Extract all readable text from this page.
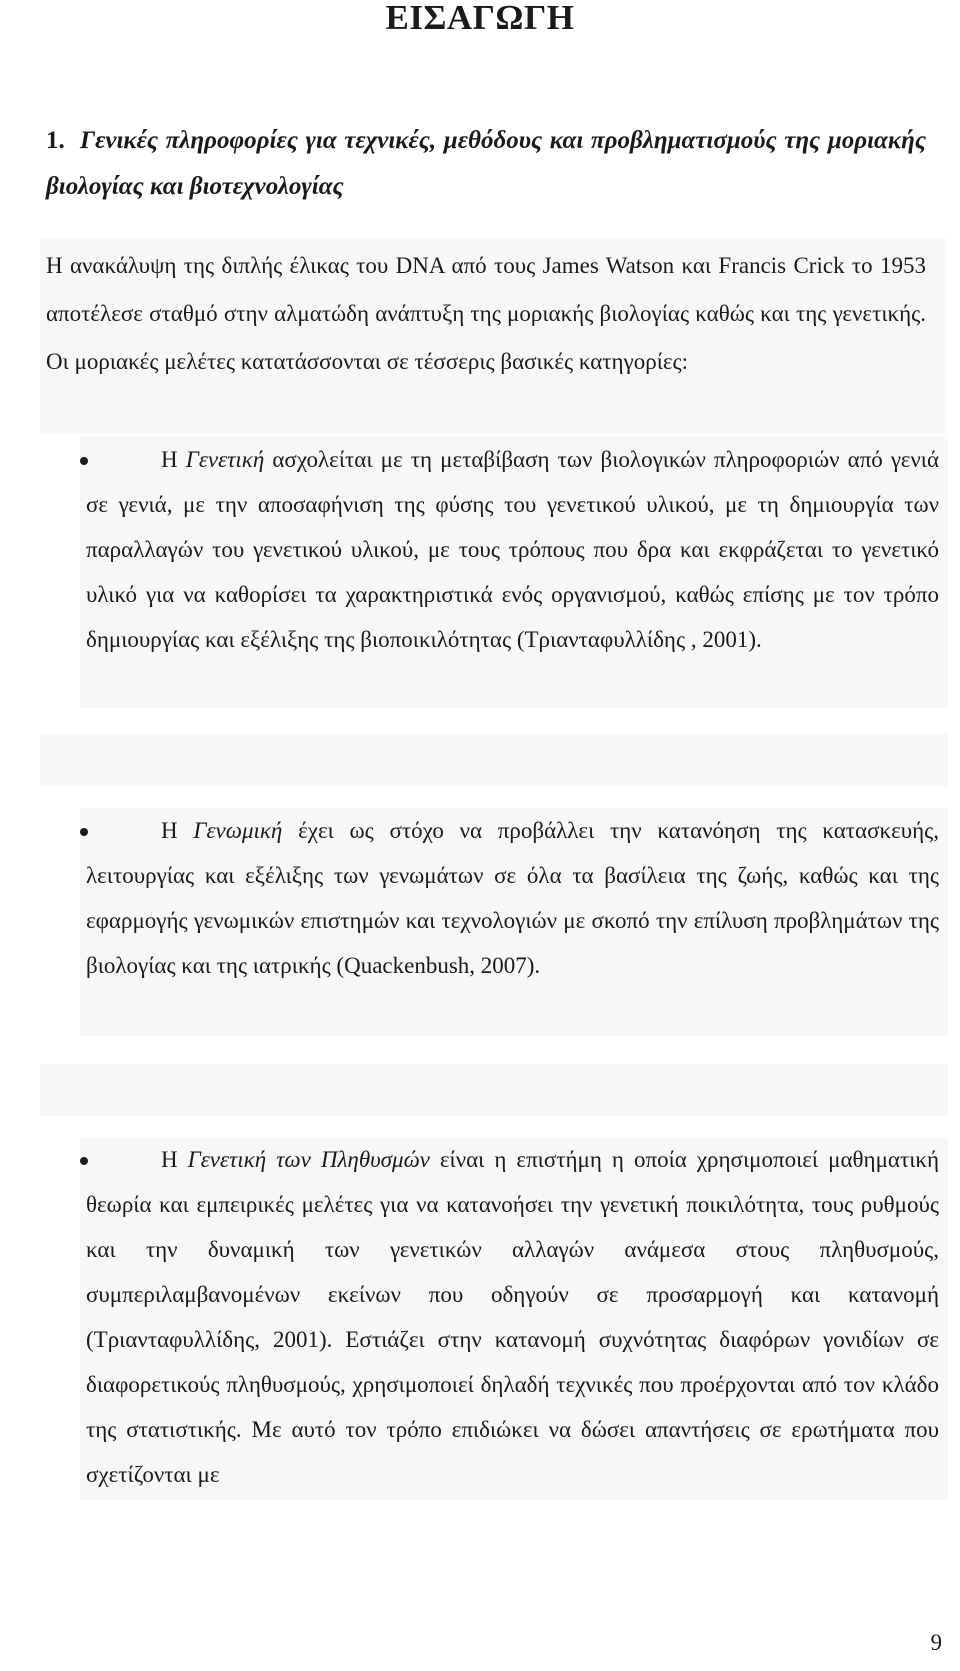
ΕΙΣΑΓΩΓΗ
1. Γενικές πληροφορίες για τεχνικές, μεθόδους και προβληματισμούς της μοριακής βιολογίας και βιοτεχνολογίας

Η ανακάλυψη της διπλής έλικας του DNA από τους James Watson και Francis Crick το 1953 αποτέλεσε σταθμό στην αλματώδη ανάπτυξη της μοριακής βιολογίας καθώς και της γενετικής. Οι μοριακές μελέτες κατατάσσονται σε τέσσερις βασικές κατηγορίες:

Η Γενετική ασχολείται με τη μεταβίβαση των βιολογικών πληροφοριών από γενιά σε γενιά, με την αποσαφήνιση της φύσης του γενετικού υλικού, με τη δημιουργία των παραλλαγών του γενετικού υλικού, με τους τρόπους που δρα και εκφράζεται το γενετικό υλικό για να καθορίσει τα χαρακτηριστικά ενός οργανισμού, καθώς επίσης με τον τρόπο δημιουργίας και εξέλιξης της βιοποικιλότητας (Τριανταφυλλίδης , 2001).

Η Γενωμική έχει ως στόχο να προβάλλει την κατανόηση της κατασκευής, λειτουργίας και εξέλιξης των γενωμάτων σε όλα τα βασίλεια της ζωής, καθώς και της εφαρμογής γενωμικών επιστημών και τεχνολογιών με σκοπό την επίλυση προβλημάτων της βιολογίας και της ιατρικής (Quackenbush, 2007).

Η Γενετική των Πληθυσμών είναι η επιστήμη η οποία χρησιμοποιεί μαθηματική θεωρία και εμπειρικές μελέτες για να κατανοήσει την γενετική ποικιλότητα, τους ρυθμούς και την δυναμική των γενετικών αλλαγών ανάμεσα στους πληθυσμούς, συμπεριλαμβανομένων εκείνων που οδηγούν σε προσαρμογή και κατανομή (Τριανταφυλλίδης, 2001). Εστιάζει στην κατανομή συχνότητας διαφόρων γονιδίων σε διαφορετικούς πληθυσμούς, χρησιμοποιεί δηλαδή τεχνικές που προέρχονται από τον κλάδο της στατιστικής. Με αυτό τον τρόπο επιδιώκει να δώσει απαντήσεις σε ερωτήματα που σχετίζονται με

9
